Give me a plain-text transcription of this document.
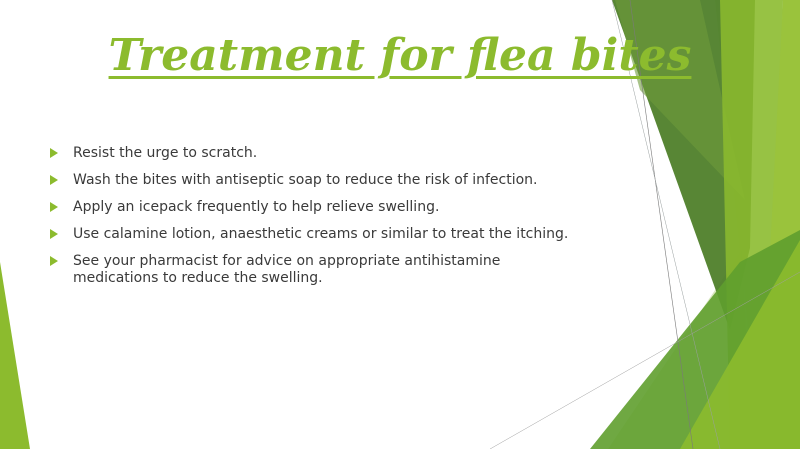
Treatment for flea bites
Resist the urge to scratch.
Wash the bites with antiseptic soap to reduce the risk of infection.
Apply an icepack frequently to help relieve swelling.
Use calamine lotion, anaesthetic creams or similar to treat the itching.
See your pharmacist for advice on appropriate antihistamine medications to reduce the swelling.
